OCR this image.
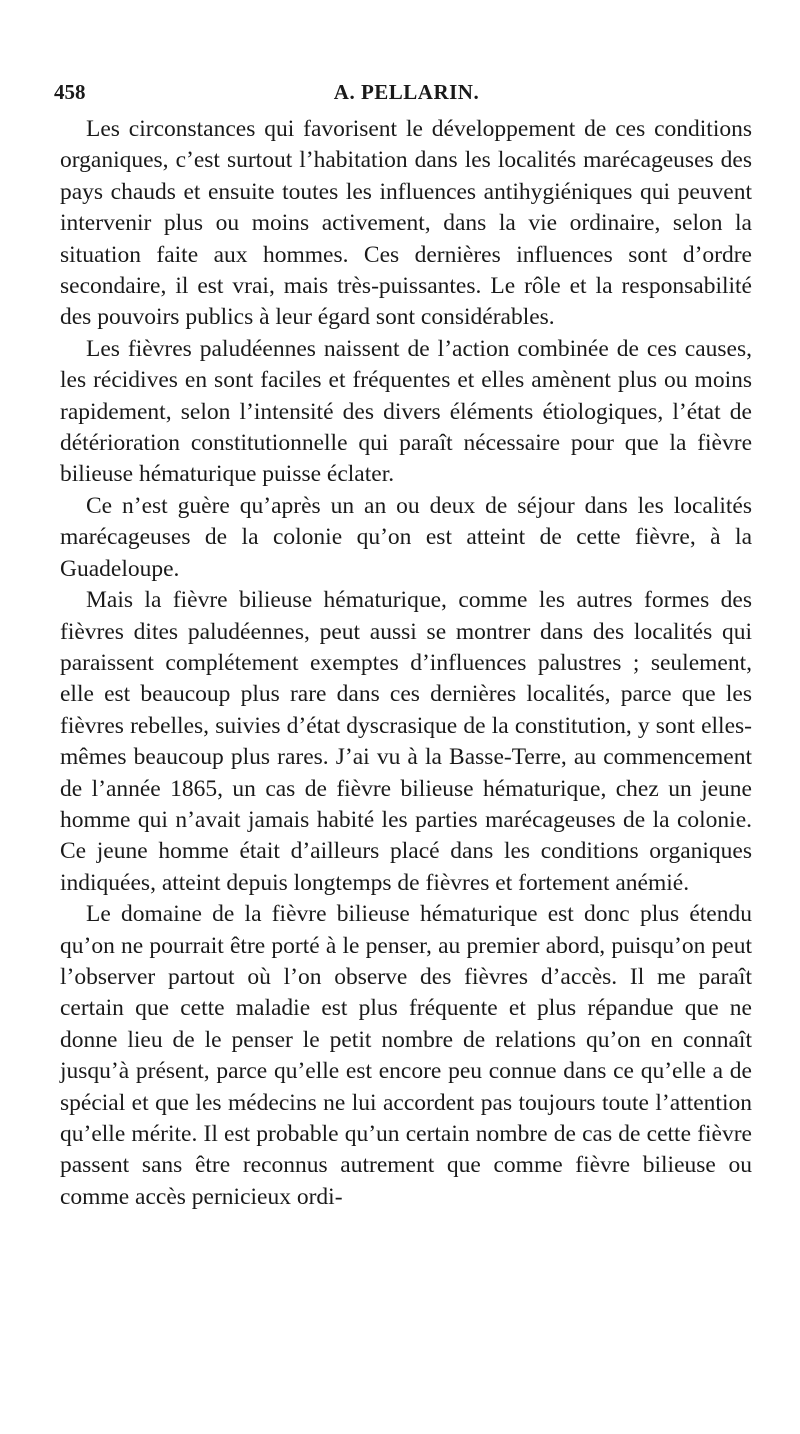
458	A. PELLARIN.

Les circonstances qui favorisent le développement de ces conditions organiques, c’est surtout l’habitation dans les localités marécageuses des pays chauds et ensuite toutes les influences antihygiéniques qui peuvent intervenir plus ou moins activement, dans la vie ordinaire, selon la situation faite aux hommes. Ces dernières influences sont d’ordre secondaire, il est vrai, mais très-puissantes. Le rôle et la responsabilité des pouvoirs publics à leur égard sont considérables.

Les fièvres paludéennes naissent de l’action combinée de ces causes, les récidives en sont faciles et fréquentes et elles amènent plus ou moins rapidement, selon l’intensité des divers éléments étiologiques, l’état de détérioration constitutionnelle qui paraît nécessaire pour que la fièvre bilieuse hématurique puisse éclater.

Ce n’est guère qu’après un an ou deux de séjour dans les localités marécageuses de la colonie qu’on est atteint de cette fièvre, à la Guadeloupe.

Mais la fièvre bilieuse hématurique, comme les autres formes des fièvres dites paludéennes, peut aussi se montrer dans des localités qui paraissent complétement exemptes d’influences palustres ; seulement, elle est beaucoup plus rare dans ces dernières localités, parce que les fièvres rebelles, suivies d’état dyscrasique de la constitution, y sont elles-mêmes beaucoup plus rares. J’ai vu à la Basse-Terre, au commencement de l’année 1865, un cas de fièvre bilieuse hématurique, chez un jeune homme qui n’avait jamais habité les parties marécageuses de la colonie. Ce jeune homme était d’ailleurs placé dans les conditions organiques indiquées, atteint depuis longtemps de fièvres et fortement anémié.

Le domaine de la fièvre bilieuse hématurique est donc plus étendu qu’on ne pourrait être porté à le penser, au premier abord, puisqu’on peut l’observer partout où l’on observe des fièvres d’accès. Il me paraît certain que cette maladie est plus fréquente et plus répandue que ne donne lieu de le penser le petit nombre de relations qu’on en connaît jusqu’à présent, parce qu’elle est encore peu connue dans ce qu’elle a de spécial et que les médecins ne lui accordent pas toujours toute l’attention qu’elle mérite. Il est probable qu’un certain nombre de cas de cette fièvre passent sans être reconnus autrement que comme fièvre bilieuse ou comme accès pernicieux ordi-
